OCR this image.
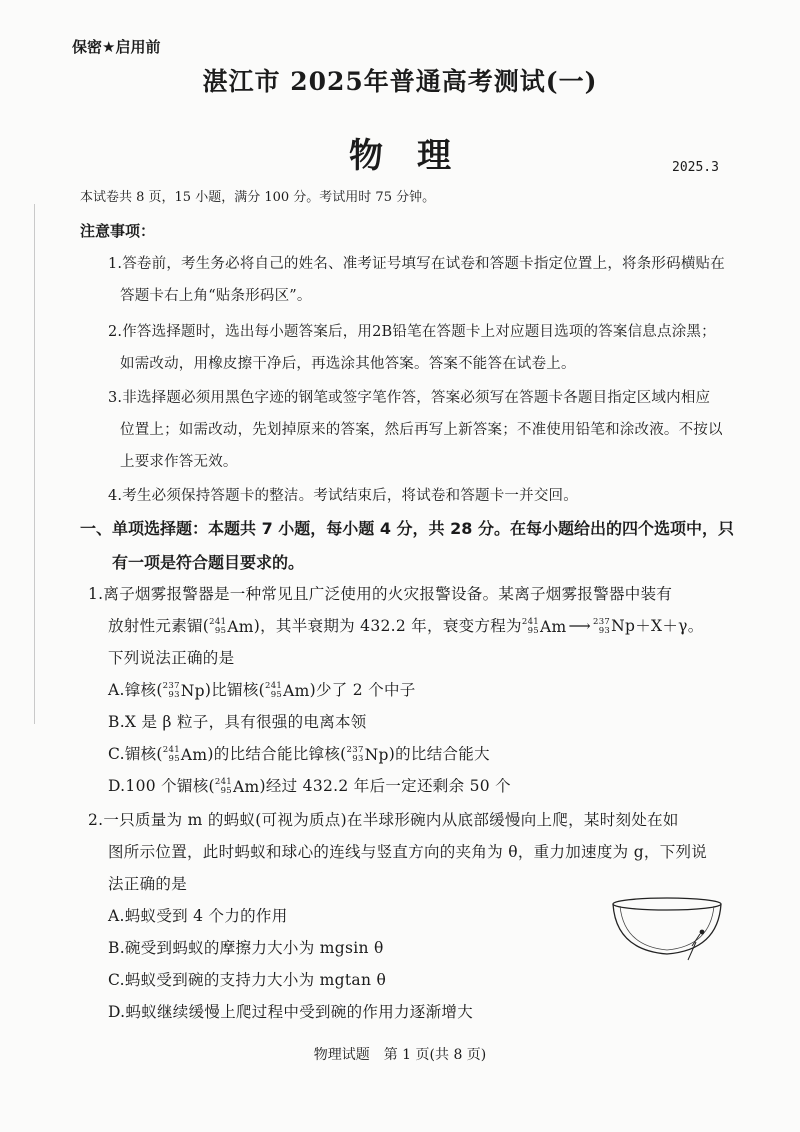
保密★启用前
湛江市 2025年普通高考测试(一)
物　理	2025.3
本试卷共 8 页，15 小题，满分 100 分。考试用时 75 分钟。
注意事项：
1.答卷前，考生务必将自己的姓名、准考证号填写在试卷和答题卡指定位置上，将条形码横贴在
答题卡右上角“贴条形码区”。
2.作答选择题时，选出每小题答案后，用2B铅笔在答题卡上对应题目选项的答案信息点涂黑；
如需改动，用橡皮擦干净后，再选涂其他答案。答案不能答在试卷上。
3.非选择题必须用黑色字迹的钢笔或签字笔作答，答案必须写在答题卡各题目指定区域内相应
位置上；如需改动，先划掉原来的答案，然后再写上新答案；不准使用铅笔和涂改液。不按以
上要求作答无效。
4.考生必须保持答题卡的整洁。考试结束后，将试卷和答题卡一并交回。
一、单项选择题：本题共 7 小题，每小题 4 分，共 28 分。在每小题给出的四个选项中，只
有一项是符合题目要求的。
1.离子烟雾报警器是一种常见且广泛使用的火灾报警设备。某离子烟雾报警器中装有
放射性元素镅( 241
95 Am )，其半衰期为 432.2 年，衰变方程为 241
95 Am ⟶ 237
93 Np＋X＋γ。
下列说法正确的是
A.镎核( 237
93 Np )比镅核( 241
95 Am )少了 2 个中子
B.X 是 β 粒子，具有很强的电离本领
C.镅核( 241
95 Am )的比结合能比镎核( 237
93 Np )的比结合能大
D.100 个镅核( 241
95 Am )经过 432.2 年后一定还剩余 50 个
2.一只质量为 m 的蚂蚁(可视为质点)在半球形碗内从底部缓慢向上爬，某时刻处在如
图所示位置，此时蚂蚁和球心的连线与竖直方向的夹角为 θ，重力加速度为 g，下列说
法正确的是
A.蚂蚁受到 4 个力的作用
B.碗受到蚂蚁的摩擦力大小为 mgsin θ
C.蚂蚁受到碗的支持力大小为 mgtan θ
D.蚂蚁继续缓慢上爬过程中受到碗的作用力逐渐增大
物理试题　第 1 页(共 8 页)
